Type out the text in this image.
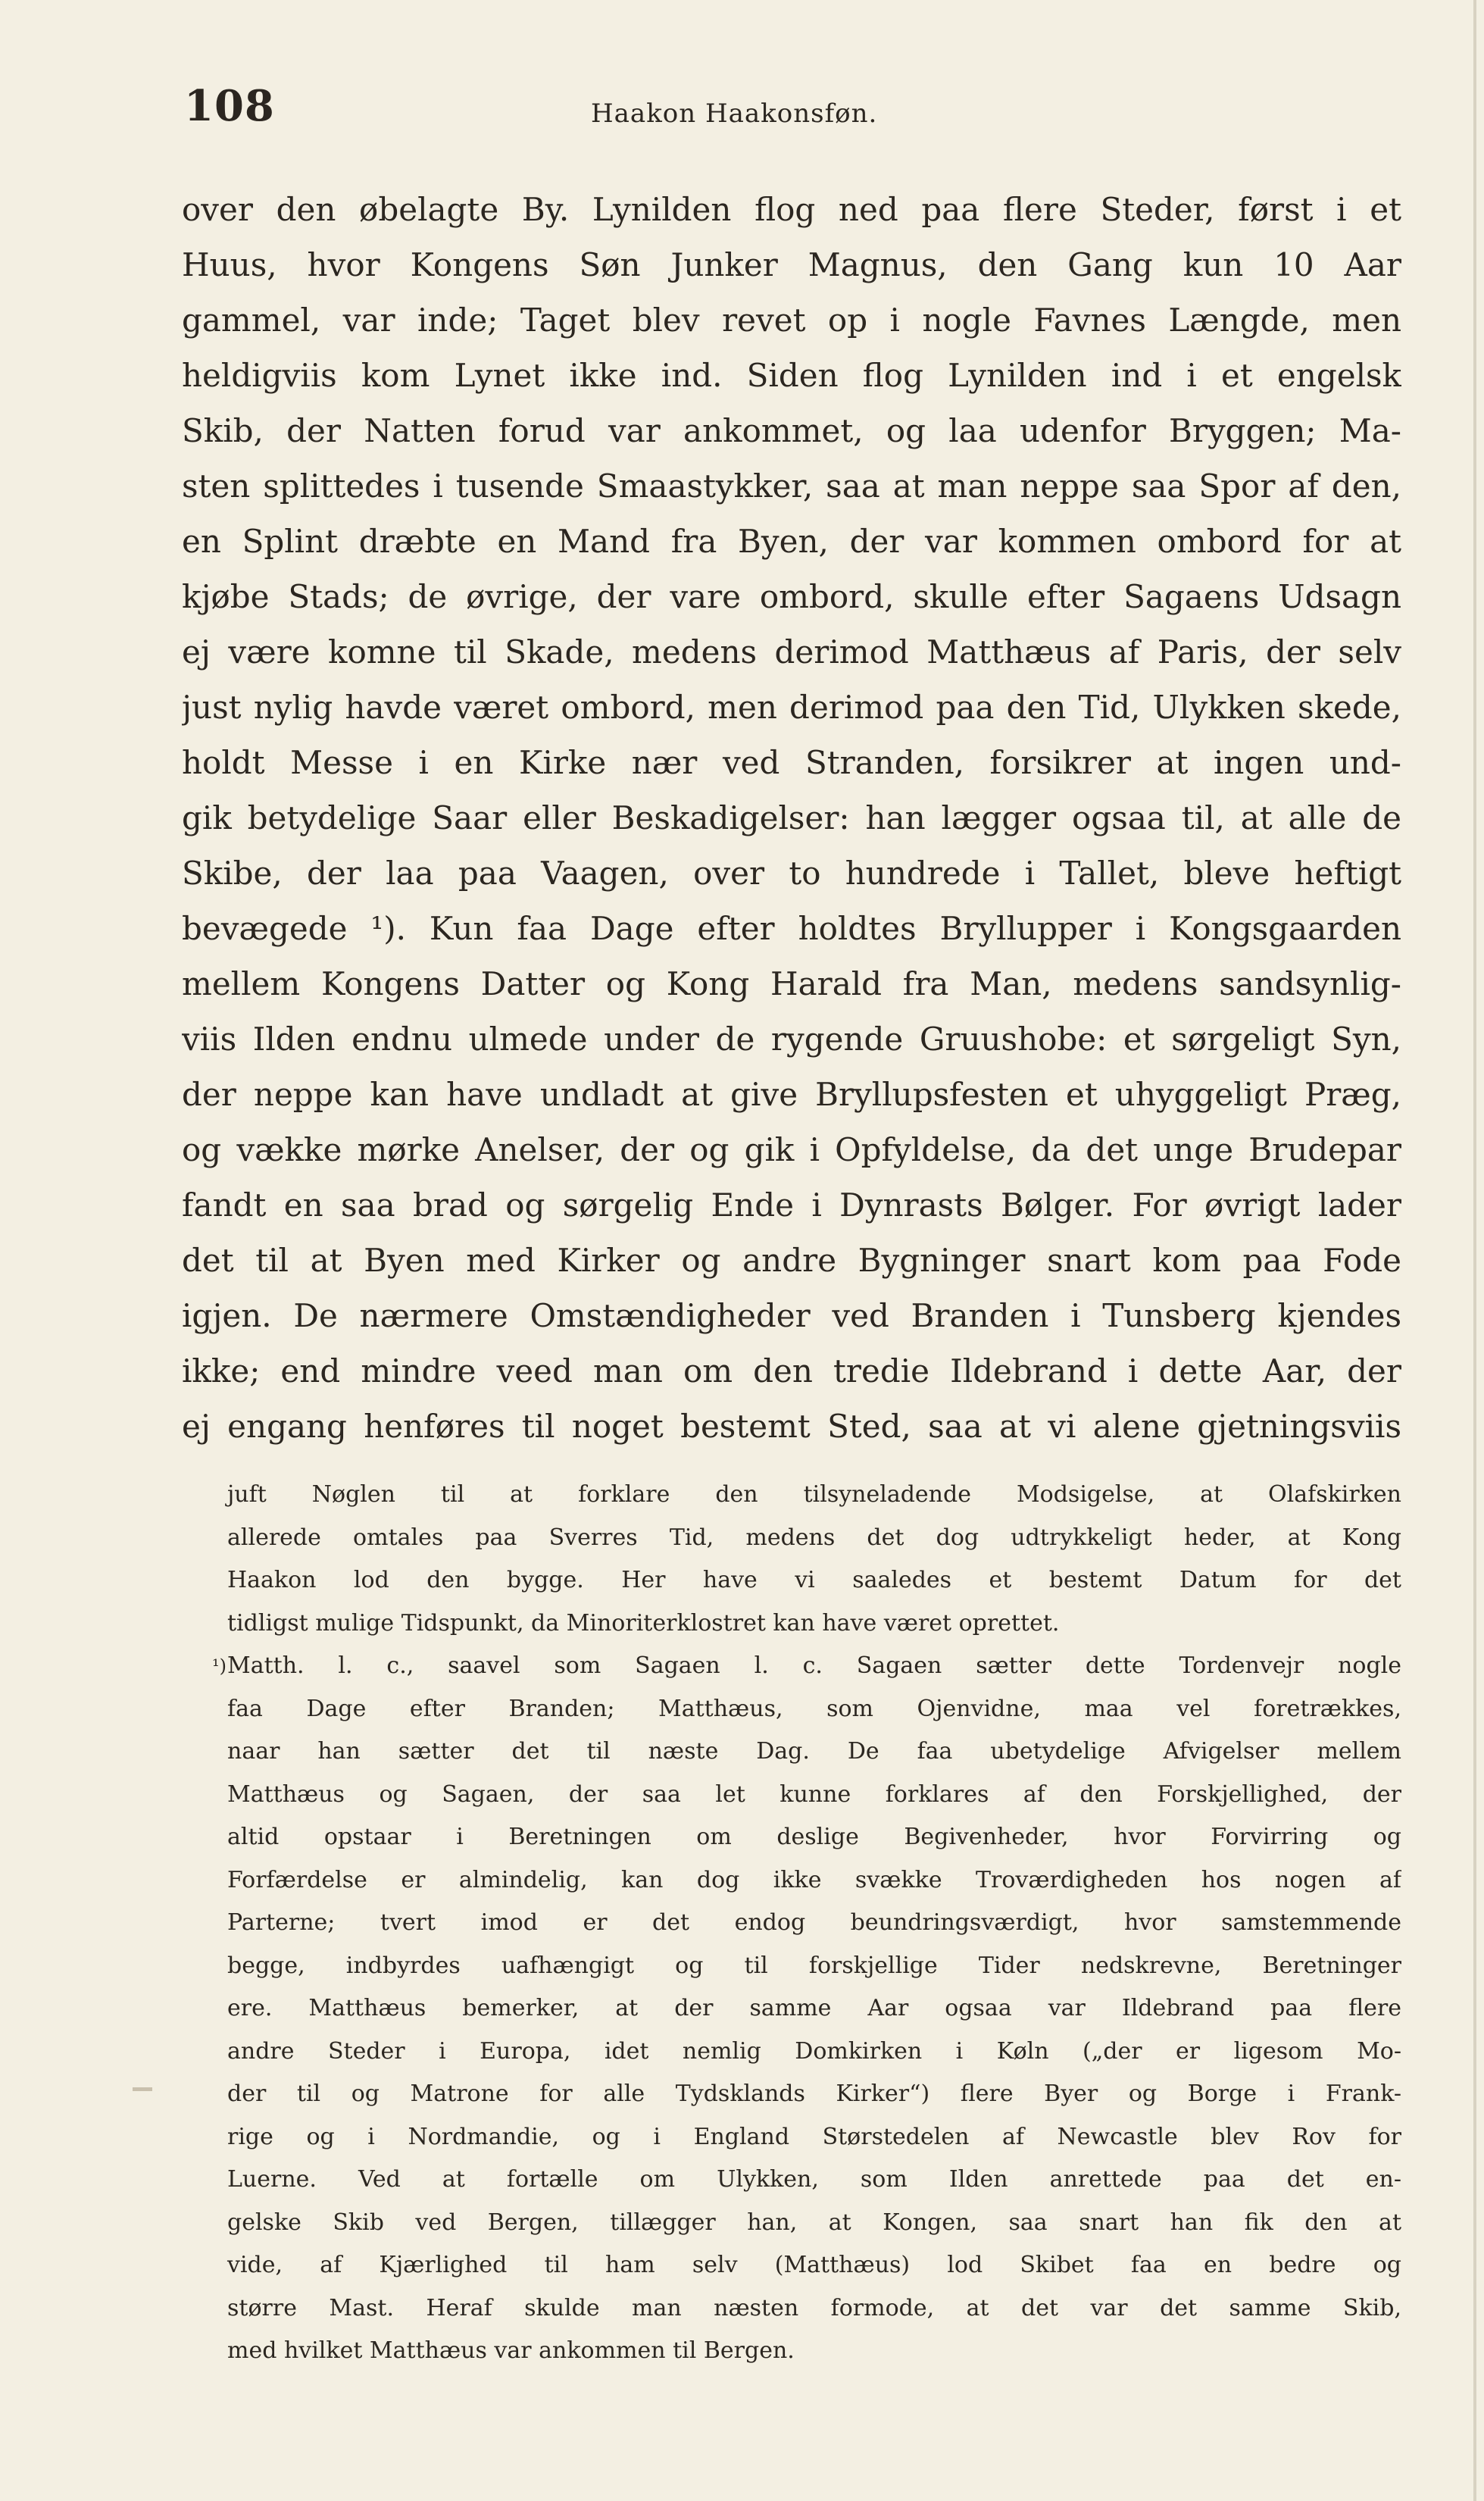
108	Haakon Haakonsføn.
over den øbelagte By. Lynilden flog ned paa flere Steder, først i et
Huus, hvor Kongens Søn Junker Magnus, den Gang kun 10 Aar
gammel, var inde; Taget blev revet op i nogle Favnes Længde, men
heldigviis kom Lynet ikke ind. Siden flog Lynilden ind i et engelsk
Skib, der Natten forud var ankommet, og laa udenfor Bryggen; Ma-
sten splittedes i tusende Smaastykker, saa at man neppe saa Spor af den,
en Splint dræbte en Mand fra Byen, der var kommen ombord for at
kjøbe Stads; de øvrige, der vare ombord, skulle efter Sagaens Udsagn
ej være komne til Skade, medens derimod Matthæus af Paris, der selv
just nylig havde været ombord, men derimod paa den Tid, Ulykken skede,
holdt Messe i en Kirke nær ved Stranden, forsikrer at ingen und-
gik betydelige Saar eller Beskadigelser: han lægger ogsaa til, at alle de
Skibe, der laa paa Vaagen, over to hundrede i Tallet, bleve heftigt
bevægede ¹). Kun faa Dage efter holdtes Bryllupper i Kongsgaarden
mellem Kongens Datter og Kong Harald fra Man, medens sandsynlig-
viis Ilden endnu ulmede under de rygende Gruushobe: et sørgeligt Syn,
der neppe kan have undladt at give Bryllupsfesten et uhyggeligt Præg,
og vække mørke Anelser, der og gik i Opfyldelse, da det unge Brudepar
fandt en saa brad og sørgelig Ende i Dynrasts Bølger. For øvrigt lader
det til at Byen med Kirker og andre Bygninger snart kom paa Fode
igjen. De nærmere Omstændigheder ved Branden i Tunsberg kjendes
ikke; end mindre veed man om den tredie Ildebrand i dette Aar, der
ej engang henføres til noget bestemt Sted, saa at vi alene gjetningsviis
juft Nøglen til at forklare den tilsyneladende Modsigelse, at Olafskirken
allerede omtales paa Sverres Tid, medens det dog udtrykkeligt heder, at Kong
Haakon lod den bygge. Her have vi saaledes et bestemt Datum for det
tidligst mulige Tidspunkt, da Minoriterklostret kan have været oprettet.
¹) Matth. l. c., saavel som Sagaen l. c. Sagaen sætter dette Tordenvejr nogle
faa Dage efter Branden; Matthæus, som Ojenvidne, maa vel foretrækkes,
naar han sætter det til næste Dag. De faa ubetydelige Afvigelser mellem
Matthæus og Sagaen, der saa let kunne forklares af den Forskjellighed, der
altid opstaar i Beretningen om deslige Begivenheder, hvor Forvirring og
Forfærdelse er almindelig, kan dog ikke svække Troværdigheden hos nogen af
Parterne; tvert imod er det endog beundringsværdigt, hvor samstemmende
begge, indbyrdes uafhængigt og til forskjellige Tider nedskrevne, Beretninger
ere. Matthæus bemerker, at der samme Aar ogsaa var Ildebrand paa flere
andre Steder i Europa, idet nemlig Domkirken i Køln („der er ligesom Mo-
der til og Matrone for alle Tydsklands Kirker“) flere Byer og Borge i Frank-
rige og i Nordmandie, og i England Størstedelen af Newcastle blev Rov for
Luerne. Ved at fortælle om Ulykken, som Ilden anrettede paa det en-
gelske Skib ved Bergen, tillægger han, at Kongen, saa snart han fik den at
vide, af Kjærlighed til ham selv (Matthæus) lod Skibet faa en bedre og
større Mast. Heraf skulde man næsten formode, at det var det samme Skib,
med hvilket Matthæus var ankommen til Bergen.
